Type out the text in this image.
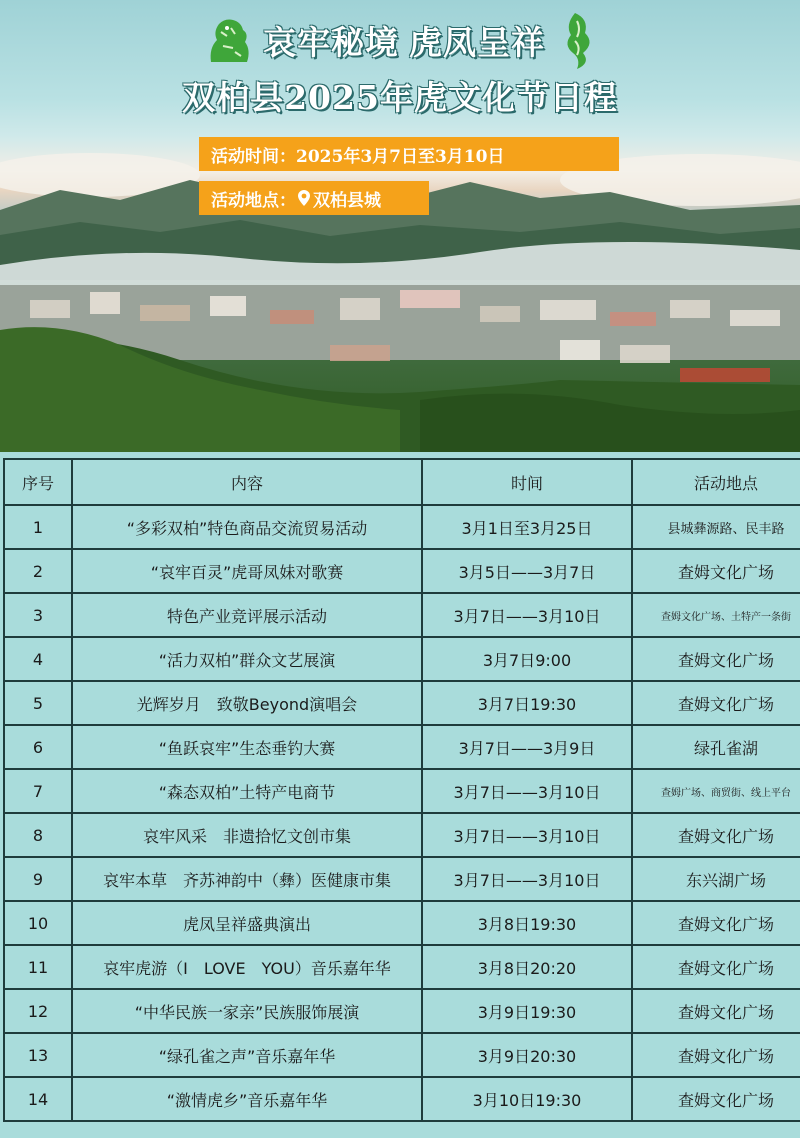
哀牢秘境 虎凤呈祥
双柏县2025年虎文化节日程
活动时间： 2025年3月7日至3月10日
活动地点： 双柏县城
序号	内容	时间	活动地点
1	“多彩双柏”特色商品交流贸易活动	3月1日至3月25日	县城彝源路、民丰路
2	“哀牢百灵”虎哥凤妹对歌赛	3月5日——3月7日	查姆文化广场
3	特色产业竞评展示活动	3月7日——3月10日	查姆文化广场、土特产一条街
4	“活力双柏”群众文艺展演	3月7日9:00	查姆文化广场
5	光辉岁月　致敬Beyond演唱会	3月7日19:30	查姆文化广场
6	“鱼跃哀牢”生态垂钓大赛	3月7日——3月9日	绿孔雀湖
7	“森态双柏”土特产电商节	3月7日——3月10日	查姆广场、商贸街、线上平台
8	哀牢风采　非遗拾忆文创市集	3月7日——3月10日	查姆文化广场
9	哀牢本草　齐苏神韵中（彝）医健康市集	3月7日——3月10日	东兴湖广场
10	虎凤呈祥盛典演出	3月8日19:30	查姆文化广场
11	哀牢虎游（I　LOVE　YOU）音乐嘉年华	3月8日20:20	查姆文化广场
12	“中华民族一家亲”民族服饰展演	3月9日19:30	查姆文化广场
13	“绿孔雀之声”音乐嘉年华	3月9日20:30	查姆文化广场
14	“激情虎乡”音乐嘉年华	3月10日19:30	查姆文化广场
